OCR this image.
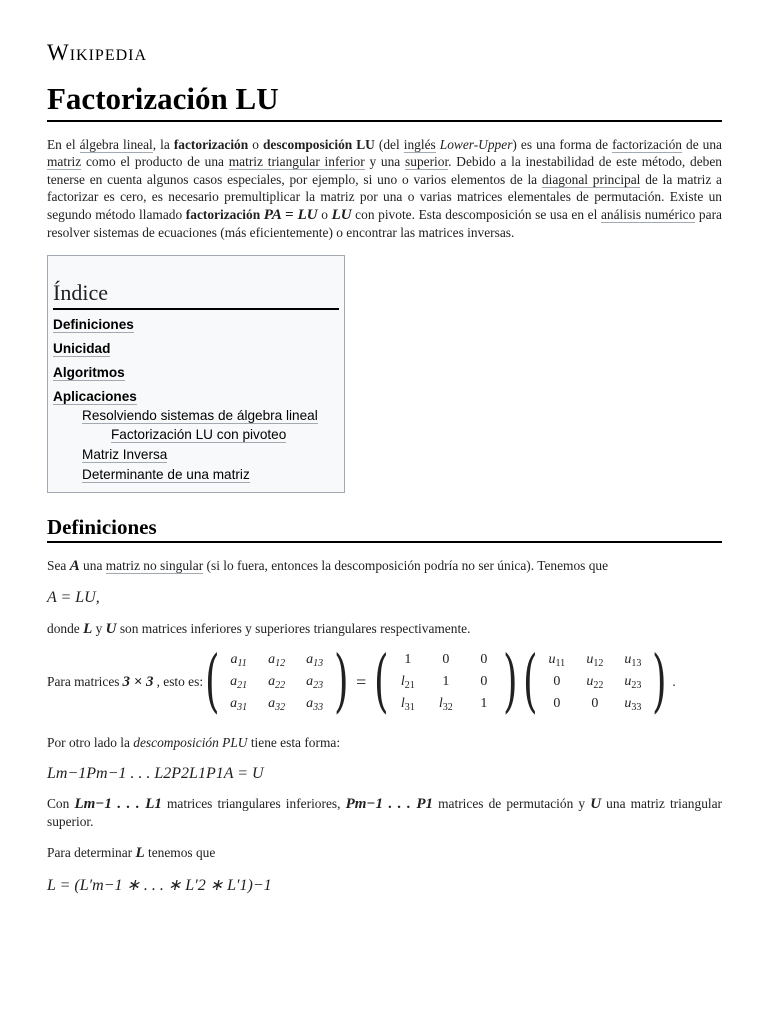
Wikipedia
Factorización LU

En el álgebra lineal, la factorización o descomposición LU (del inglés Lower-Upper) es una forma de factorización de una matriz como el producto de una matriz triangular inferior y una superior. Debido a la inestabilidad de este método, deben tenerse en cuenta algunos casos especiales, por ejemplo, si uno o varios elementos de la diagonal principal de la matriz a factorizar es cero, es necesario premultiplicar la matriz por una o varias matrices elementales de permutación. Existe un segundo método llamado factorización PA = LU o LU con pivote. Esta descomposición se usa en el análisis numérico para resolver sistemas de ecuaciones (más eficientemente) o encontrar las matrices inversas.

Índice
Definiciones
Unicidad
Algoritmos
Aplicaciones
Resolviendo sistemas de álgebra lineal
Factorización LU con pivoteo
Matriz Inversa
Determinante de una matriz
Definiciones

Sea A una matriz no singular (si lo fuera, entonces la descomposición podría no ser única). Tenemos que

A = LU,

donde L y U son matrices inferiores y superiores triangulares respectivamente.

Para matrices 3 × 3 , esto es: ( $a_{11}$	$a_{12}$	$a_{13}$
$a_{21}$	$a_{22}$	$a_{23}$
$a_{31}$	$a_{32}$	$a_{33}$ ) = (	1	0	0
$l_{21}$	1	0
$l_{31}$	$l_{32}$	1 ) ( $u_{11}$	$u_{12}$	$u_{13}$
0	$u_{22}$	$u_{23}$
0	0	$u_{33}$ ) .

Por otro lado la descomposición PLU tiene esta forma:

Lm−1Pm−1 . . . L2P2L1P1A = U

Con Lm−1 . . . L1 matrices triangulares inferiores, Pm−1 . . . P1 matrices de permutación y U una matriz triangular superior.

Para determinar L tenemos que

L = (L′m−1 ∗ . . . ∗ L′2 ∗ L′1)−1
